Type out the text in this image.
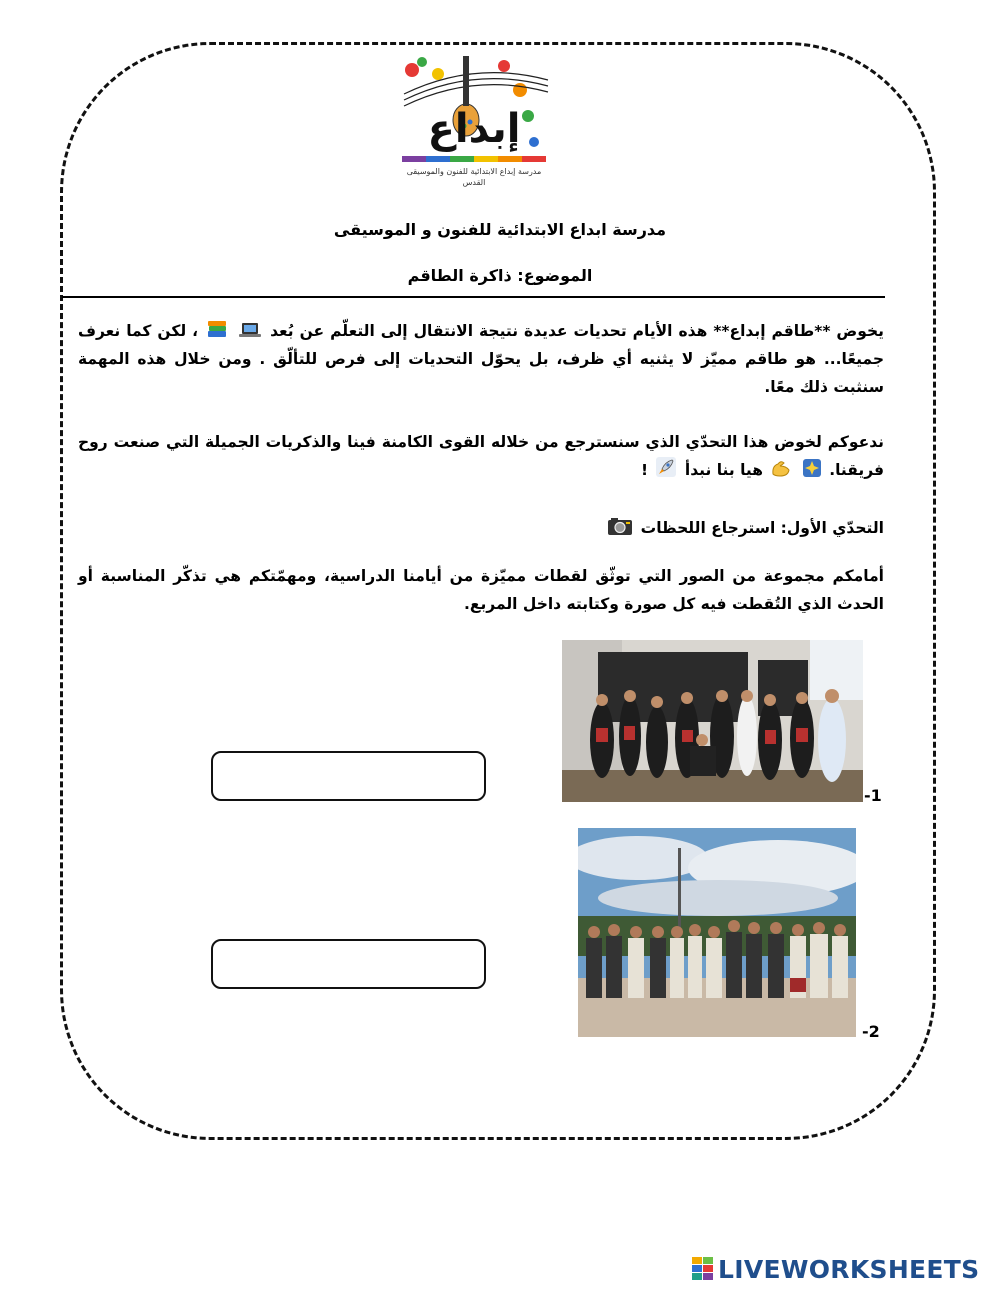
إبداع
مدرسة إبداع الابتدائية للفنون والموسيقى
القدس
مدرسة ابداع الابتدائية للفنون و الموسيقى
الموضوع: ذاكرة الطاقم
يخوض **طاقم إبداع** هذه الأيام تحديات عديدة نتيجة الانتقال إلى التعلّم عن بُعد   ، لكن كما نعرف جميعًا... هو طاقم مميّز لا يثنيه أي ظرف، بل يحوّل التحديات إلى فرص للتألّق . ومن خلال هذه المهمة سنثبت ذلك معًا.
ندعوكم لخوض هذا التحدّي الذي سنسترجع من خلاله القوى الكامنة فينا والذكريات الجميلة التي صنعت روح فريقنا.   هيا بنا نبدأ  !
التحدّي الأول: استرجاع اللحظات
أمامكم مجموعة من الصور التي توثّق لقطات مميّزة من أيامنا الدراسية، ومهمّتكم هي تذكّر المناسبة أو الحدث الذي التُقطت فيه كل صورة وكتابته داخل المربع.
-1
-2
LIVEWORKSHEETS
